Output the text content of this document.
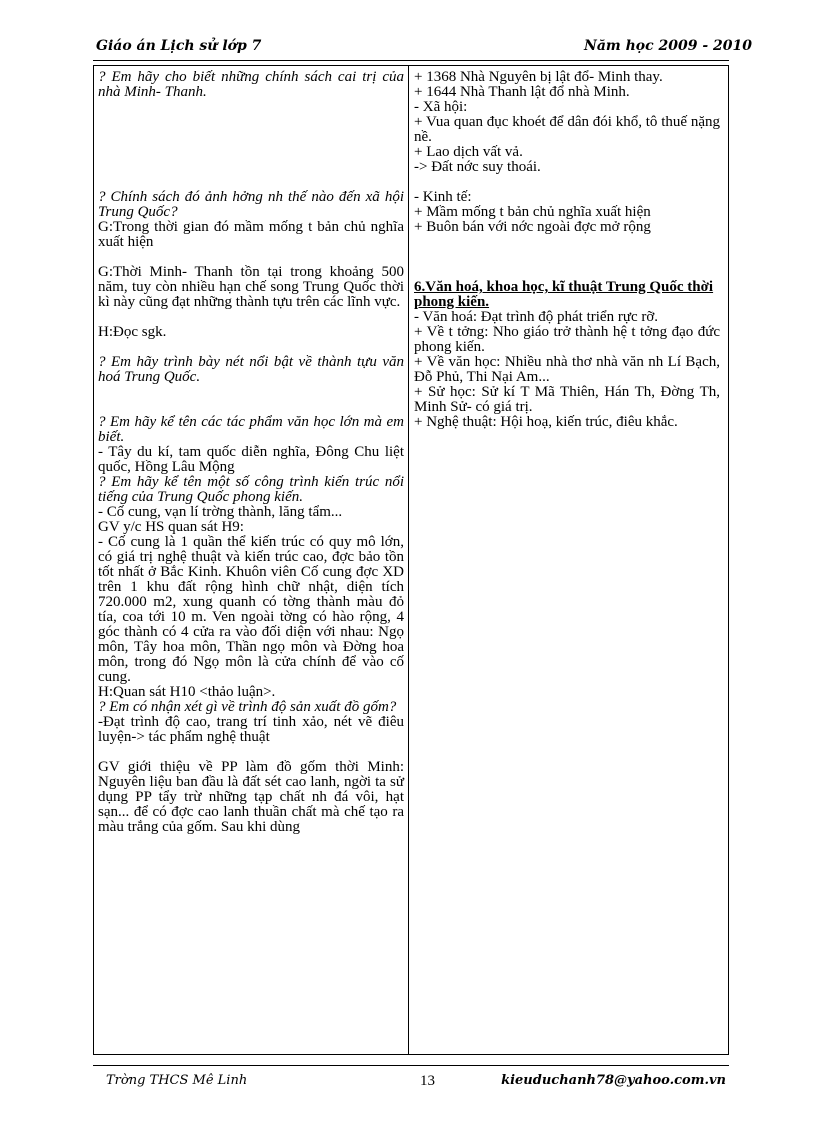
Giáo án Lịch sử lớp 7	Năm học 2009 - 2010

? Em hãy cho biết những chính sách cai trị của nhà Minh- Thanh.

? Chính sách đó ảnh hởng nh thế nào đến xã hội Trung Quốc?

G:Trong thời gian đó mầm mống t bản chủ nghĩa xuất hiện

G:Thời Minh- Thanh tồn tại trong khoảng 500 năm, tuy còn nhiều hạn chế song Trung Quốc thời kì này cũng đạt những thành tựu trên các lĩnh vực.

H:Đọc sgk.

? Em hãy trình bày nét nổi bật về thành tựu văn hoá Trung Quốc.

? Em hãy kể tên các tác phẩm văn học lớn mà em biết.

- Tây du kí, tam quốc diễn nghĩa, Đông Chu liệt quốc, Hồng Lâu Mộng

? Em hãy kể tên một số công trình kiến trúc nổi tiếng của Trung Quốc phong kiến.

- Cố cung, vạn lí trờng thành, lăng tẩm...

GV y/c HS quan sát H9:

- Cố cung là 1 quần thể kiến trúc có quy mô lớn, có giá trị nghệ thuật và kiến trúc cao, đợc bảo tồn tốt nhất ở Bắc Kinh. Khuôn viên Cố cung đợc XD trên 1 khu đất rộng hình chữ nhật, diện tích 720.000 m2, xung quanh có tờng thành màu đỏ tía, coa tới 10 m. Ven ngoài tờng có hào rộng, 4 góc thành có 4 cửa ra vào đối diện với nhau: Ngọ môn, Tây hoa môn, Thần ngọ môn và Đờng hoa môn, trong đó Ngọ môn là cửa chính để vào cố cung.

H:Quan sát H10 <thảo luận>.

? Em có nhận xét gì về trình độ sản xuất đồ gốm?

-Đạt trình độ cao, trang trí tinh xảo, nét vẽ điêu luyện-> tác phẩm nghệ thuật

GV giới thiệu về PP làm đồ gốm thời Minh: Nguyên liệu ban đầu là đất sét cao lanh, ngời ta sử dụng PP tẩy trừ những tạp chất nh đá vôi, hạt sạn... để có đợc cao lanh thuần chất mà chế tạo ra màu trắng của gốm. Sau khi dùng

+ 1368 Nhà Nguyên bị lật đổ- Minh thay.

+ 1644 Nhà Thanh lật đổ nhà Minh.

- Xã hội:

+ Vua quan đục khoét để dân đói khổ, tô thuế nặng nề.

+ Lao dịch vất vả.

-> Đất nớc suy thoái.

- Kinh tế:

+ Mầm mống t bản chủ nghĩa xuất hiện

+ Buôn bán với nớc ngoài đợc mở rộng

6.Văn hoá, khoa học, kĩ thuật Trung Quốc thời phong kiến.

- Văn hoá: Đạt trình độ phát triển rực rỡ.

+ Về t tởng: Nho giáo trở thành hệ t tởng đạo đức phong kiến.

+ Về văn học: Nhiều nhà thơ nhà văn nh Lí Bạch, Đỗ Phủ, Thi Nại Am...

+ Sử học: Sử kí T Mã Thiên, Hán Th, Đờng Th, Minh Sử- có giá trị.

+ Nghệ thuật: Hội hoạ, kiến trúc, điêu khắc.

Trờng THCS Mê Linh	13	kieuduchanh78@yahoo.com.vn
